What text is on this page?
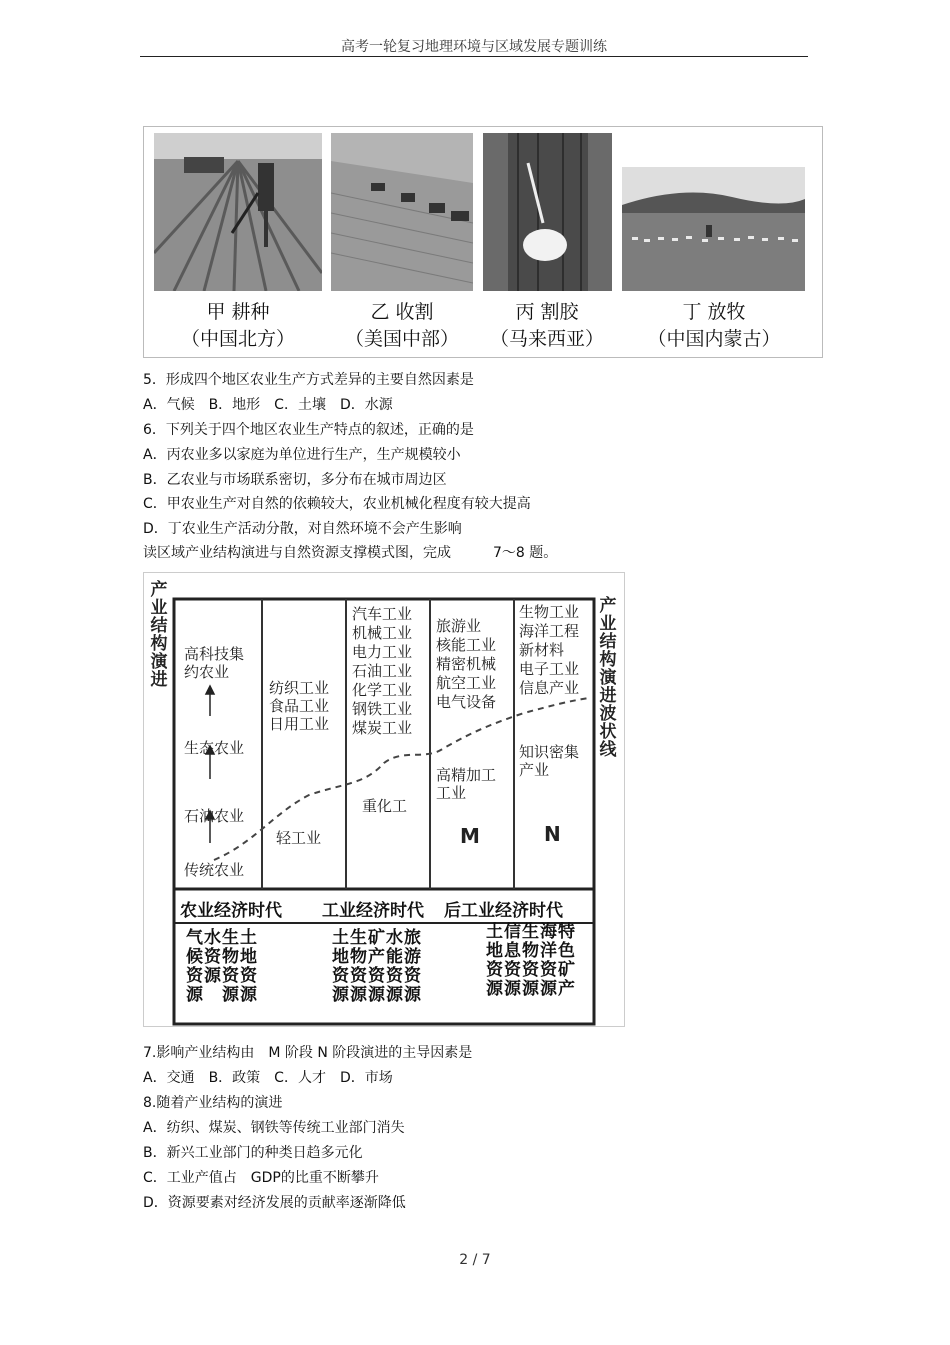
高考一轮复习地理环境与区域发展专题训练
甲 耕种
（中国北方）
乙 收割
（美国中部）
丙 割胶
（马来西亚）
丁 放牧
（中国内蒙古）
5．形成四个地区农业生产方式差异的主要自然因素是
A．气候　B．地形　C．土壤　D．水源
6．下列关于四个地区农业生产特点的叙述，正确的是
A．丙农业多以家庭为单位进行生产，生产规模较小
B．乙农业与市场联系密切，多分布在城市周边区
C．甲农业生产对自然的依赖较大，农业机械化程度有较大提高
D．丁农业生产活动分散，对自然环境不会产生影响
读区域产业结构演进与自然资源支撑模式图，完成　　　7～8 题。
产业结构演进
产业结构演进波状线
高科技集约农业
生态农业
石油农业
传统农业
纺织工业
食品工业
日用工业
轻工业
汽车工业
机械工业
电力工业
石油工业
化学工业
钢铁工业
煤炭工业
重化工
旅游业
核能工业
精密机械
航空工业
电气设备
高精加工工业
M
生物工业
海洋工程
新材料
电子工业
信息产业
知识密集产业
N
农业经济时代 工业经济时代 后工业经济时代
气水生土
候资物地
资源资资
源　源源
土生矿水旅
地物产能游
资资资资资
源源源源源
土信生海特
地息物洋色
资资资资矿
源源源源产
7.影响产业结构由　M 阶段 N 阶段演进的主导因素是
A．交通　B．政策　C．人才　D．市场
8.随着产业结构的演进
A．纺织、煤炭、钢铁等传统工业部门消失
B．新兴工业部门的种类日趋多元化
C．工业产值占　GDP的比重不断攀升
D．资源要素对经济发展的贡献率逐渐降低
2 / 7
